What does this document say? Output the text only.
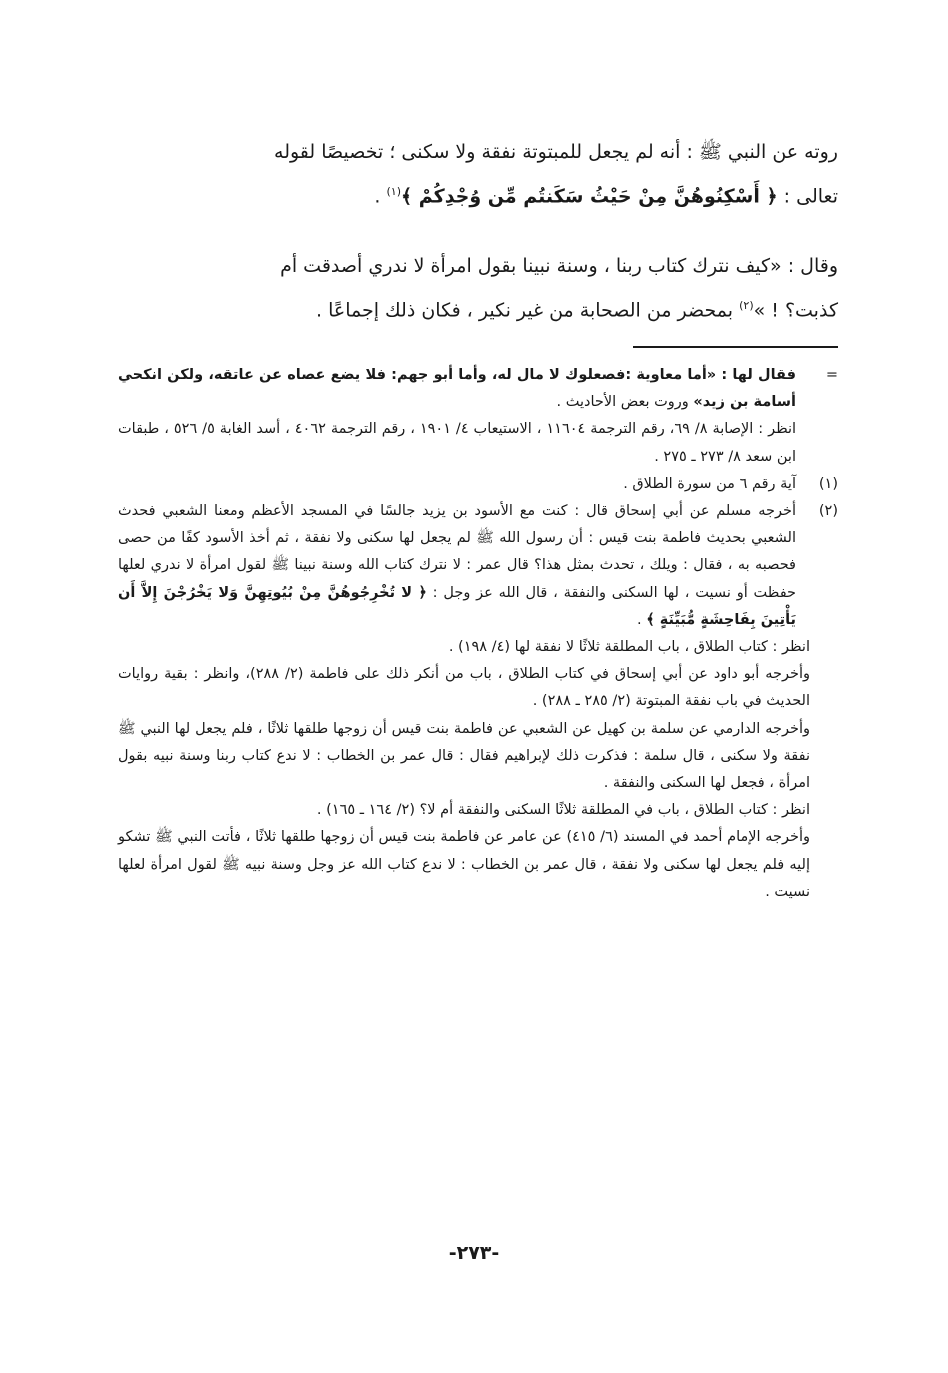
روته عن النبي ﷺ : أنه لم يجعل للمبتوتة نفقة ولا سكنى ؛ تخصيصًا لقوله

تعالى : ﴿ أَسْكِنُوهُنَّ مِنْ حَيْثُ سَكَنتُم مِّن وُجْدِكُمْ ﴾$^{(١)}$ .

وقال : «كيف نترك كتاب ربنا ، وسنة نبينا بقول امرأة لا ندري أصدقت أم

كذبت؟ ! »$^{(٢)}$ بمحضر من الصحابة من غير نكير ، فكان ذلك إجماعًا .

=
فقال لها : «أما معاوية :فصعلوك لا مال له، وأما أبو جهم: فلا يضع عصاه عن عاتقه، ولكن انكحي أسامة بن زيد» وروت بعض الأحاديث .
انظر : الإصابة ٨/ ٦٩، رقم الترجمة ١١٦٠٤ ، الاستيعاب ٤/ ١٩٠١ ، رقم الترجمة ٤٠٦٢ ، أسد الغابة ٥/ ٥٢٦ ، طبقات ابن سعد ٨/ ٢٧٣ ـ ٢٧٥ .
(١)
آية رقم ٦ من سورة الطلاق .
(٢)
أخرجه مسلم عن أبي إسحاق قال : كنت مع الأسود بن يزيد جالسًا في المسجد الأعظم ومعنا الشعبي فحدث الشعبي بحديث فاطمة بنت قيس : أن رسول الله ﷺ لم يجعل لها سكنى ولا نفقة ، ثم أخذ الأسود كفًا من حصى فحصبه به ، فقال : ويلك ، تحدث بمثل هذا؟ قال عمر : لا نترك كتاب الله وسنة نبينا ﷺ لقول امرأة لا ندري لعلها حفظت أو نسيت ، لها السكنى والنفقة ، قال الله عز وجل : ﴿ لا تُخْرِجُوهُنَّ مِنْ بُيُوتِهِنَّ وَلا يَخْرُجْنَ إِلاَّ أَن يَأْتِينَ بِفَاحِشَةٍ مُّبَيِّنَةٍ ﴾ .
انظر : كتاب الطلاق ، باب المطلقة ثلاثًا لا نفقة لها (٤/ ١٩٨) .
وأخرجه أبو داود عن أبي إسحاق في كتاب الطلاق ، باب من أنكر ذلك على فاطمة (٢/ ٢٨٨)، وانظر : بقية روايات الحديث في باب نفقة المبتوتة (٢/ ٢٨٥ ـ ٢٨٨) .
وأخرجه الدارمي عن سلمة بن كهيل عن الشعبي عن فاطمة بنت قيس أن زوجها طلقها ثلاثًا ، فلم يجعل لها النبي ﷺ نفقة ولا سكنى ، قال سلمة : فذكرت ذلك لإبراهيم فقال : قال عمر بن الخطاب : لا ندع كتاب ربنا وسنة نبيه بقول امرأة ، فجعل لها السكنى والنفقة .
انظر : كتاب الطلاق ، باب في المطلقة ثلاثًا السكنى والنفقة أم لا؟ (٢/ ١٦٤ ـ ١٦٥) .
وأخرجه الإمام أحمد في المسند (٦/ ٤١٥) عن عامر عن فاطمة بنت قيس أن زوجها طلقها ثلاثًا ، فأتت النبي ﷺ تشكو إليه فلم يجعل لها سكنى ولا نفقة ، قال عمر بن الخطاب : لا ندع كتاب الله عز وجل وسنة نبيه ﷺ لقول امرأة لعلها نسيت .
-٢٧٣-
